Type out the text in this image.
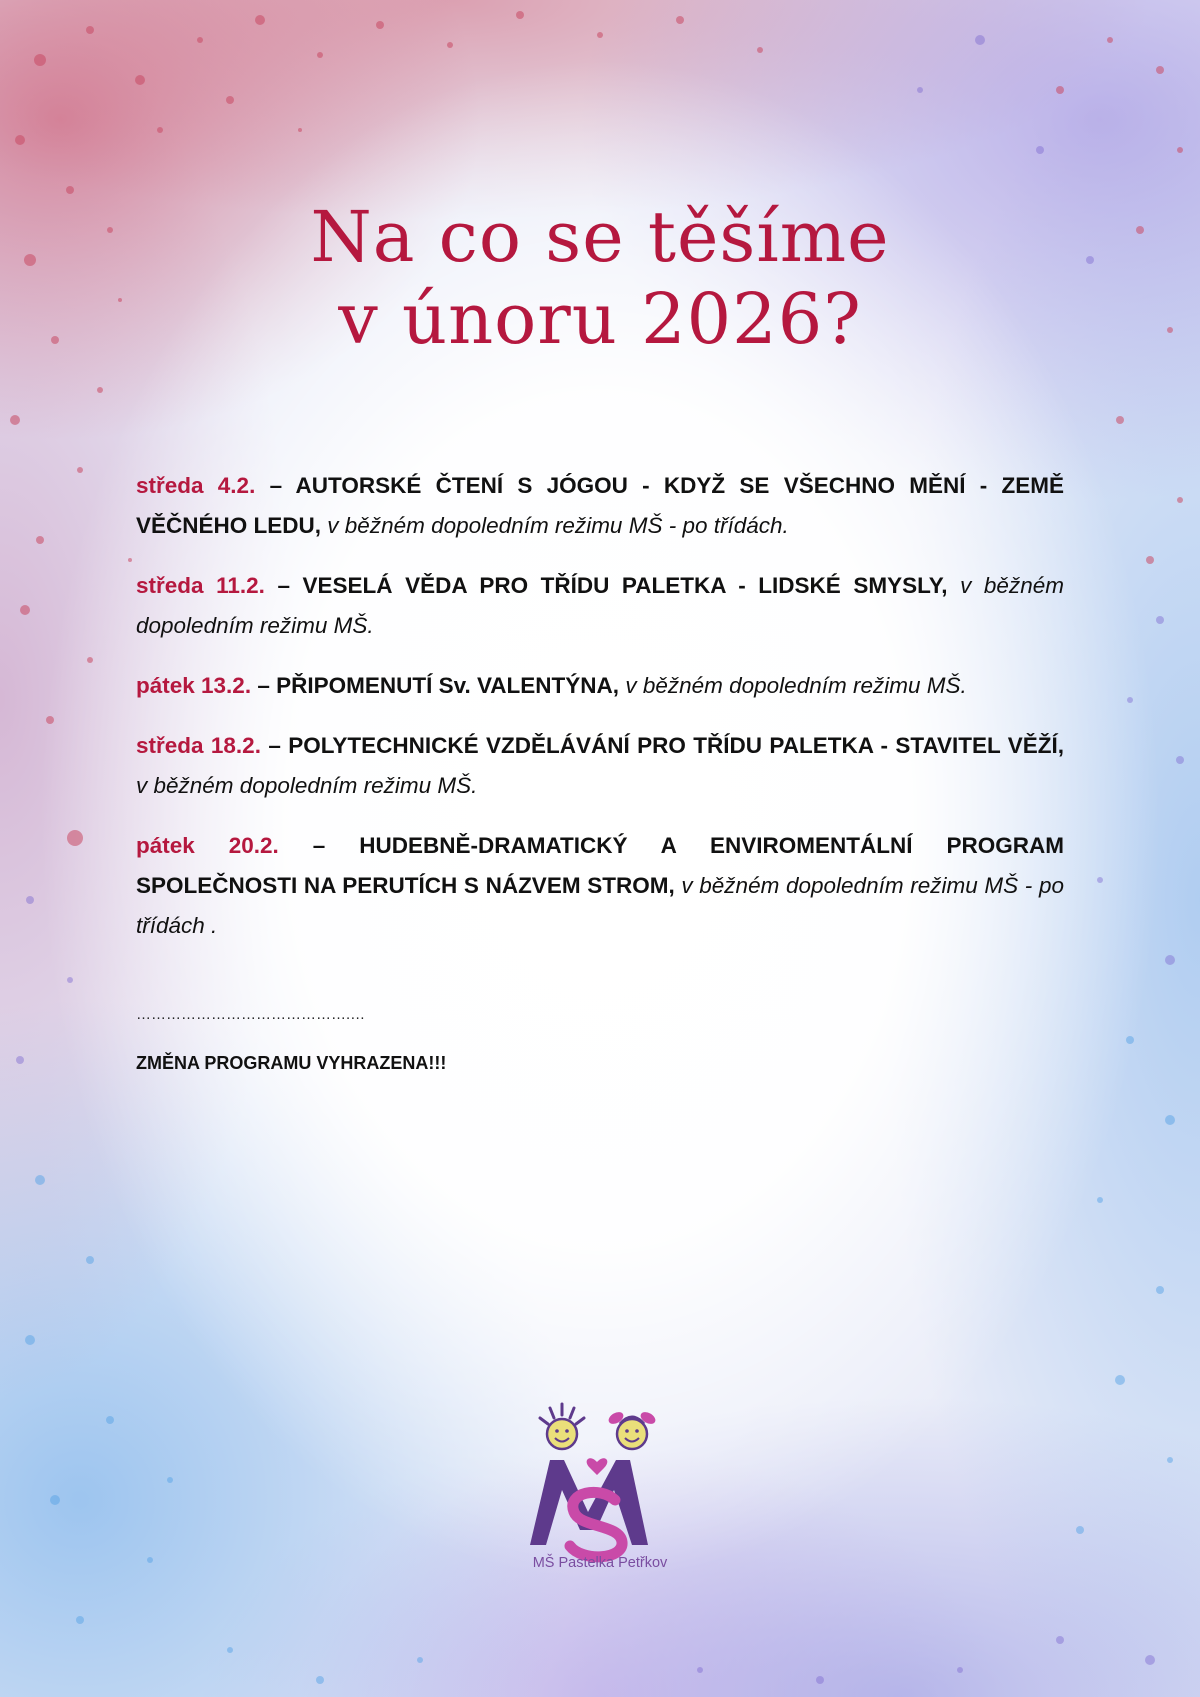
Na co se těšíme
v únoru 2026?

středa 4.2. – AUTORSKÉ ČTENÍ S JÓGOU - KDYŽ SE VŠECHNO MĚNÍ - ZEMĚ VĚČNÉHO LEDU, v běžném dopoledním režimu MŠ - po třídách.

středa 11.2. – VESELÁ VĚDA PRO TŘÍDU PALETKA - LIDSKÉ SMYSLY, v běžném dopoledním režimu MŠ.

pátek 13.2. – PŘIPOMENUTÍ Sv. VALENTÝNA, v běžném dopoledním režimu MŠ.

středa 18.2. – POLYTECHNICKÉ VZDĚLÁVÁNÍ PRO TŘÍDU PALETKA - STAVITEL VĚŽÍ, v běžném dopoledním režimu MŠ.

pátek 20.2. – HUDEBNĚ-DRAMATICKÝ A ENVIROMENTÁLNÍ PROGRAM SPOLEČNOSTI NA PERUTÍCH S NÁZVEM STROM, v běžném dopoledním režimu MŠ - po třídách .

…………………………………….…
ZMĚNA PROGRAMU VYHRAZENA!!!
MŠ Pastelka Petřkov
